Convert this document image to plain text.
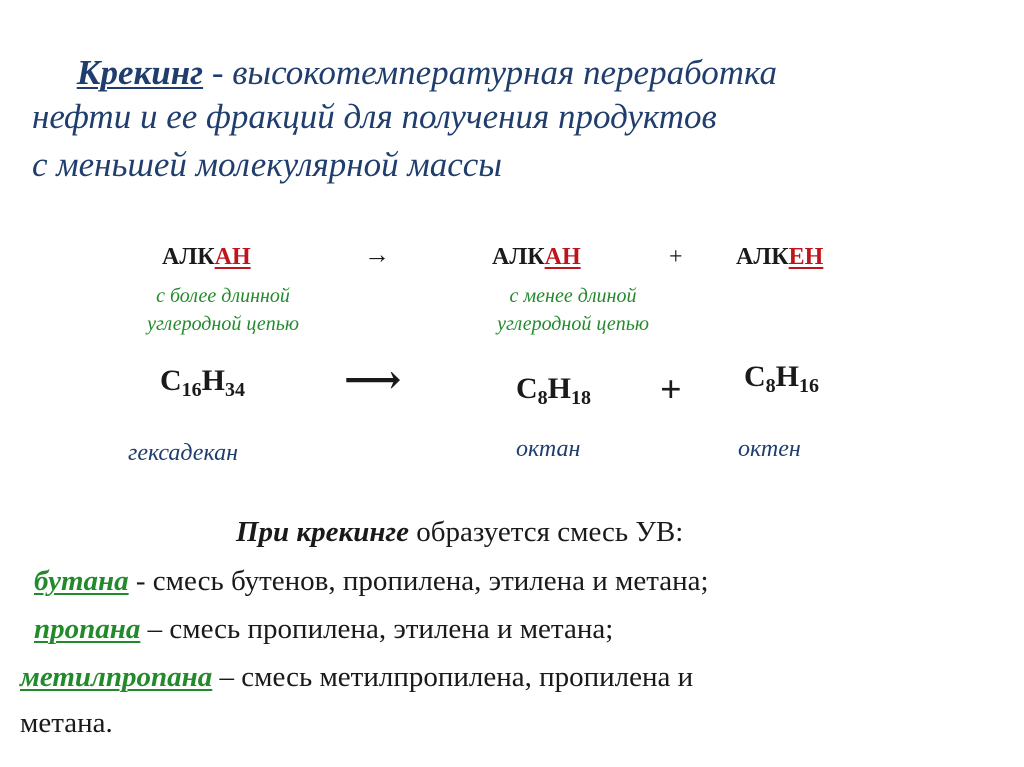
Крекинг - высокотемпературная переработка
нефти и ее фракций для получения продуктов
с меньшей молекулярной массы
АЛКАН
с более длинной
углеродной цепью
→	АЛКАН
с менее длиной
углеродной цепью
+ АЛКЕН
$C_{16}H_{34}$ ⟶	$C_8H_{18} + C_8H_{16}$
гексадекан	октан	октен
При крекинге образуется смесь УВ:
бутана - смесь бутенов, пропилена, этилена и метана;
пропана – смесь пропилена, этилена и метана;
метилпропана – смесь метилпропилена, пропилена и
метана.
